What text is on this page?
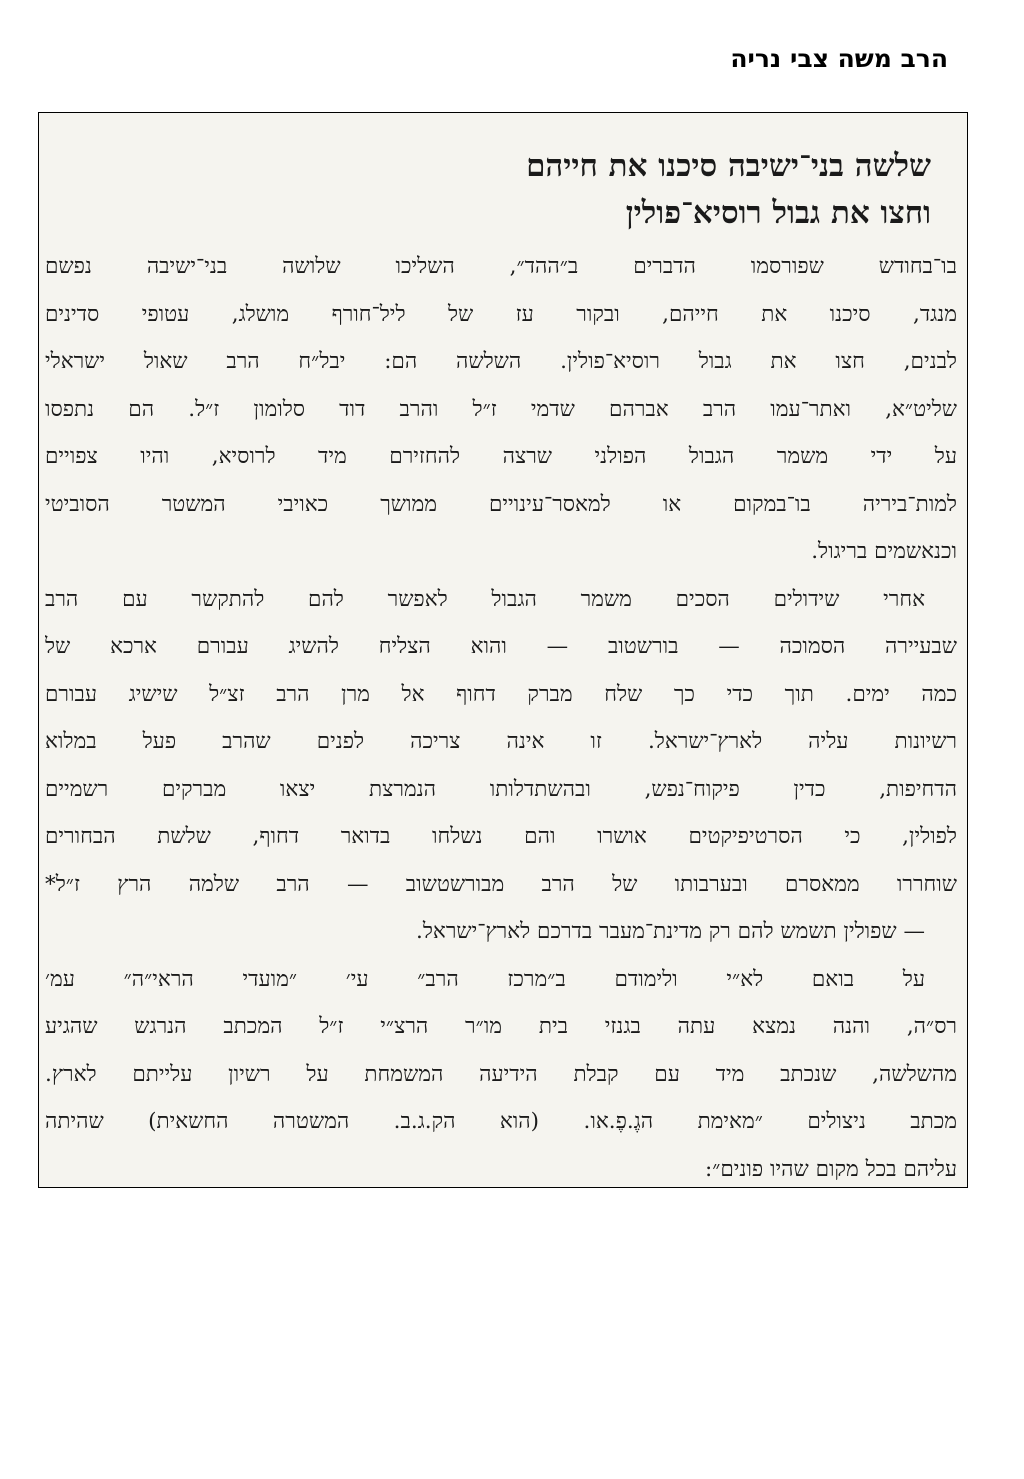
הרב משה צבי נריה
שלשה בני־ישיבה סיכנו את חייהם
וחצו את גבול רוסיא־פולין
בו־בחודש שפורסמו הדברים ב״ההד״, השליכו שלושה בני־ישיבה נפשם
מנגד, סיכנו את חייהם, ובקור עז של ליל־חורף מושלג, עטופי סדינים
לבנים, חצו את גבול רוסיא־פולין. השלשה הם: יבל״ח הרב שאול ישראלי
שליט״א, ואתר־עמו הרב אברהם שדמי ז״ל והרב דוד סלומון ז״ל. הם נתפסו
על ידי משמר הגבול הפולני שרצה להחזירם מיד לרוסיא, והיו צפויים
למות־ביריה בו־במקום או למאסר־עינויים ממושך כאויבי המשטר הסוביטי
וכנאשמים בריגול.
אחרי שידולים הסכים משמר הגבול לאפשר להם להתקשר עם הרב
שבעיירה הסמוכה — בורשטוב — והוא הצליח להשיג עבורם ארכא של
כמה ימים. תוך כדי כך שלח מברק דחוף אל מרן הרב זצ״ל שישיג עבורם
רשיונות עליה לארץ־ישראל. זו אינה צריכה לפנים שהרב פעל במלוא
הדחיפות, כדין פיקוח־נפש, ובהשתדלותו הנמרצת יצאו מברקים רשמיים
לפולין, כי הסרטיפיקטים אושרו והם נשלחו בדואר דחוף, שלשת הבחורים
שוחררו ממאסרם ובערבותו של הרב מבורשטשוב — הרב שלמה הרץ ז״ל*
— שפולין תשמש להם רק מדינת־מעבר בדרכם לארץ־ישראל.
על בואם לא״י ולימודם ב״מרכז הרב״ עי׳ ״מועדי הראי״ה״ עמ׳
רס״ה, והנה נמצא עתה בגנזי בית מו״ר הרצ״י ז״ל המכתב הנרגש שהגיע
מהשלשה, שנכתב מיד עם קבלת הידיעה המשמחת על רשיון עלייתם לארץ.
מכתב ניצולים ״מאימת הגֶ.פֶ.או. (הוא הק.ג.ב. המשטרה החשאית) שהיתה
עליהם בכל מקום שהיו פונים״:
